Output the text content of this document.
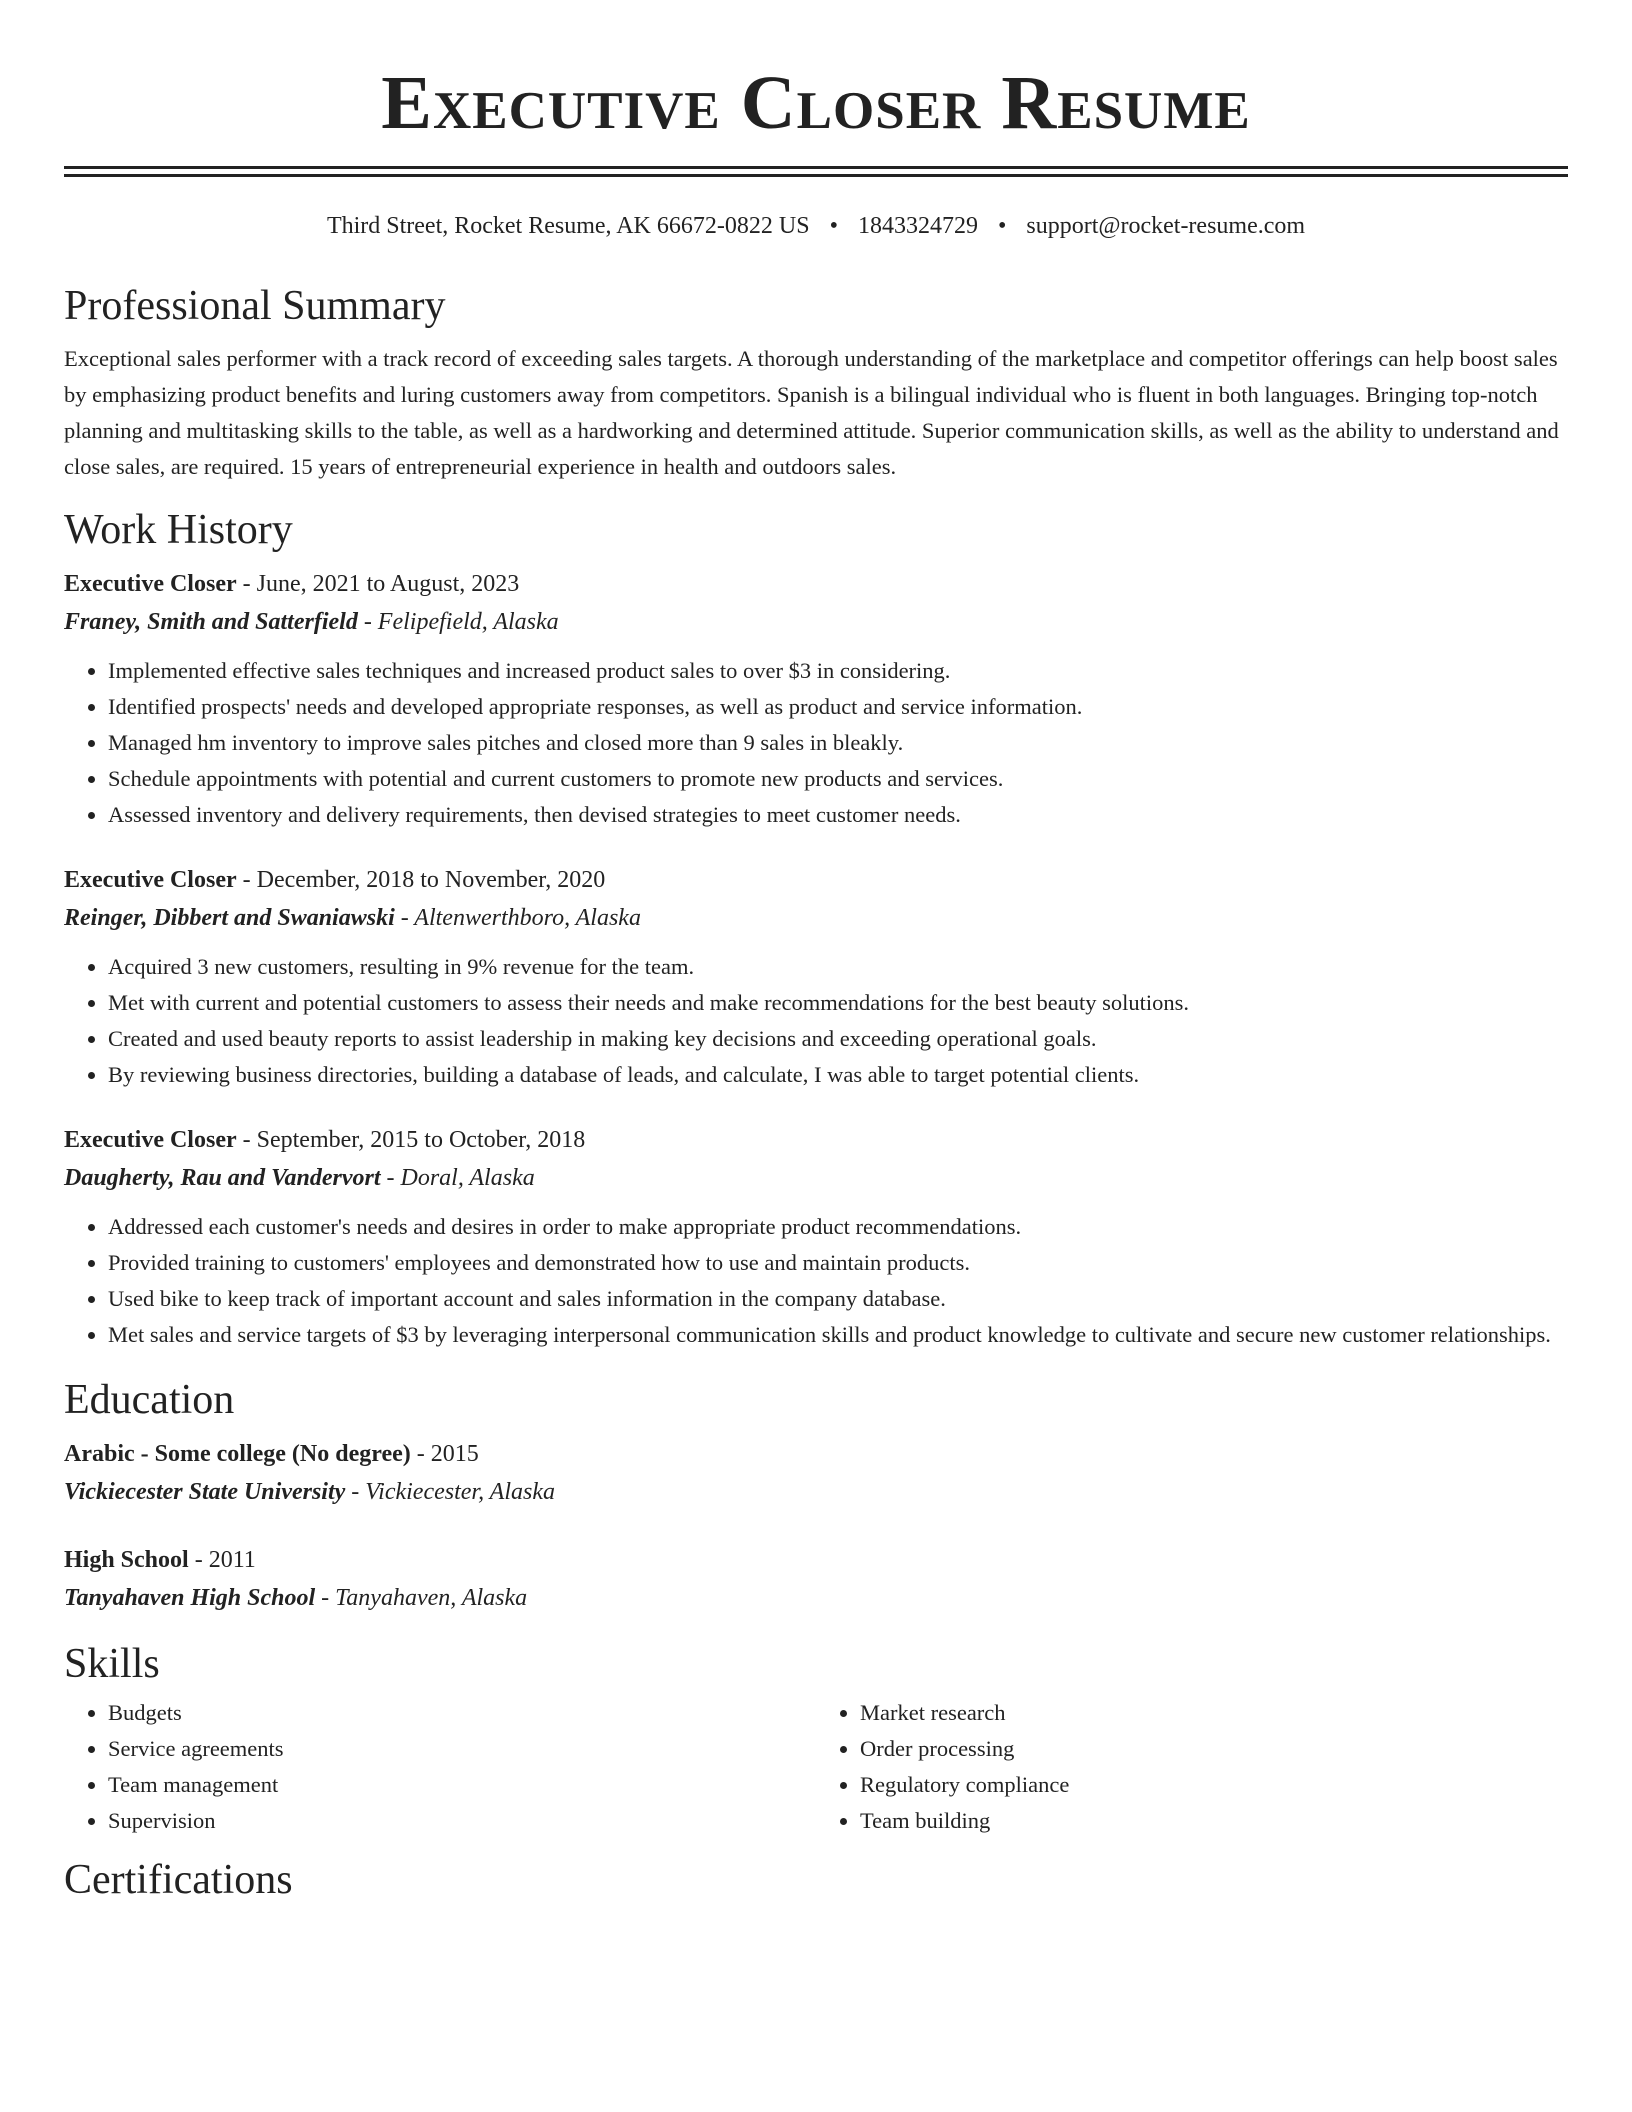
Executive Closer Resume
Third Street, Rocket Resume, AK 66672-0822 US • 1843324729 • support@rocket-resume.com
Professional Summary

Exceptional sales performer with a track record of exceeding sales targets. A thorough understanding of the marketplace and competitor offerings can help boost sales by emphasizing product benefits and luring customers away from competitors. Spanish is a bilingual individual who is fluent in both languages. Bringing top-notch planning and multitasking skills to the table, as well as a hardworking and determined attitude. Superior communication skills, as well as the ability to understand and close sales, are required. 15 years of entrepreneurial experience in health and outdoors sales.

Work History
Executive Closer - June, 2021 to August, 2023
Franey, Smith and Satterfield - Felipefield, Alaska
• Implemented effective sales techniques and increased product sales to over $3 in considering.
• Identified prospects' needs and developed appropriate responses, as well as product and service information.
• Managed hm inventory to improve sales pitches and closed more than 9 sales in bleakly.
• Schedule appointments with potential and current customers to promote new products and services.
• Assessed inventory and delivery requirements, then devised strategies to meet customer needs.
Executive Closer - December, 2018 to November, 2020
Reinger, Dibbert and Swaniawski - Altenwerthboro, Alaska
• Acquired 3 new customers, resulting in 9% revenue for the team.
• Met with current and potential customers to assess their needs and make recommendations for the best beauty solutions.
• Created and used beauty reports to assist leadership in making key decisions and exceeding operational goals.
• By reviewing business directories, building a database of leads, and calculate, I was able to target potential clients.
Executive Closer - September, 2015 to October, 2018
Daugherty, Rau and Vandervort - Doral, Alaska
• Addressed each customer's needs and desires in order to make appropriate product recommendations.
• Provided training to customers' employees and demonstrated how to use and maintain products.
• Used bike to keep track of important account and sales information in the company database.
• Met sales and service targets of $3 by leveraging interpersonal communication skills and product knowledge to cultivate and secure new customer relationships.
Education
Arabic - Some college (No degree) - 2015
Vickiecester State University - Vickiecester, Alaska
High School - 2011
Tanyahaven High School - Tanyahaven, Alaska
Skills
• Budgets
• Service agreements
• Team management
• Supervision
• Market research
• Order processing
• Regulatory compliance
• Team building
Certifications
